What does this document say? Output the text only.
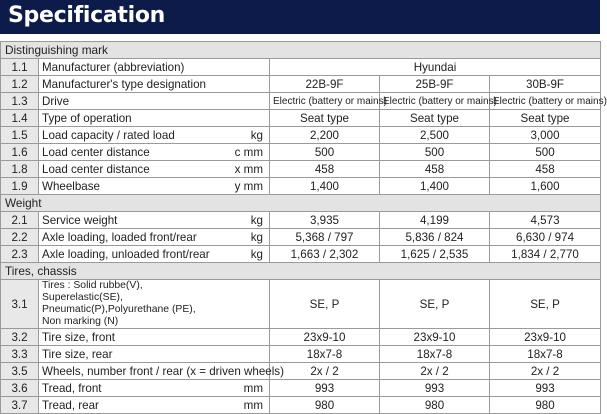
Specification
Distinguishing mark					
1.1	Manufacturer (abbreviation)		Hyundai		
1.2	Manufacturer's type designation		22B-9F	25B-9F	30B-9F
1.3	Drive		Electric (battery or mains)	Electric (battery or mains)	Electric (battery or mains)
1.4	Type of operation		Seat type	Seat type	Seat type
1.5	Load capacity / rated load	kg	2,200	2,500	3,000
1.6	Load center distance	c mm	500	500	500
1.8	Load center distance	x mm	458	458	458
1.9	Wheelbase	y mm	1,400	1,400	1,600
Weight					
2.1	Service weight	kg	3,935	4,199	4,573
2.2	Axle loading, loaded front/rear	kg	5,368 / 797	5,836 / 824	6,630 / 974
2.3	Axle loading, unloaded front/rear	kg	1,663 / 2,302	1,625 / 2,535	1,834 / 2,770
Tires, chassis					
3.1	Tires : Solid rubbe(V), Superelastic(SE), Pneumatic(P),Polyurethane (PE), Non marking (N)		SE, P	SE, P	SE, P
3.2	Tire size, front		23x9-10	23x9-10	23x9-10
3.3	Tire size, rear		18x7-8	18x7-8	18x7-8
3.5	Wheels, number front / rear (x = driven wheels)		2x / 2	2x / 2	2x / 2
3.6	Tread, front	mm	993	993	993
3.7	Tread, rear	mm	980	980	980
